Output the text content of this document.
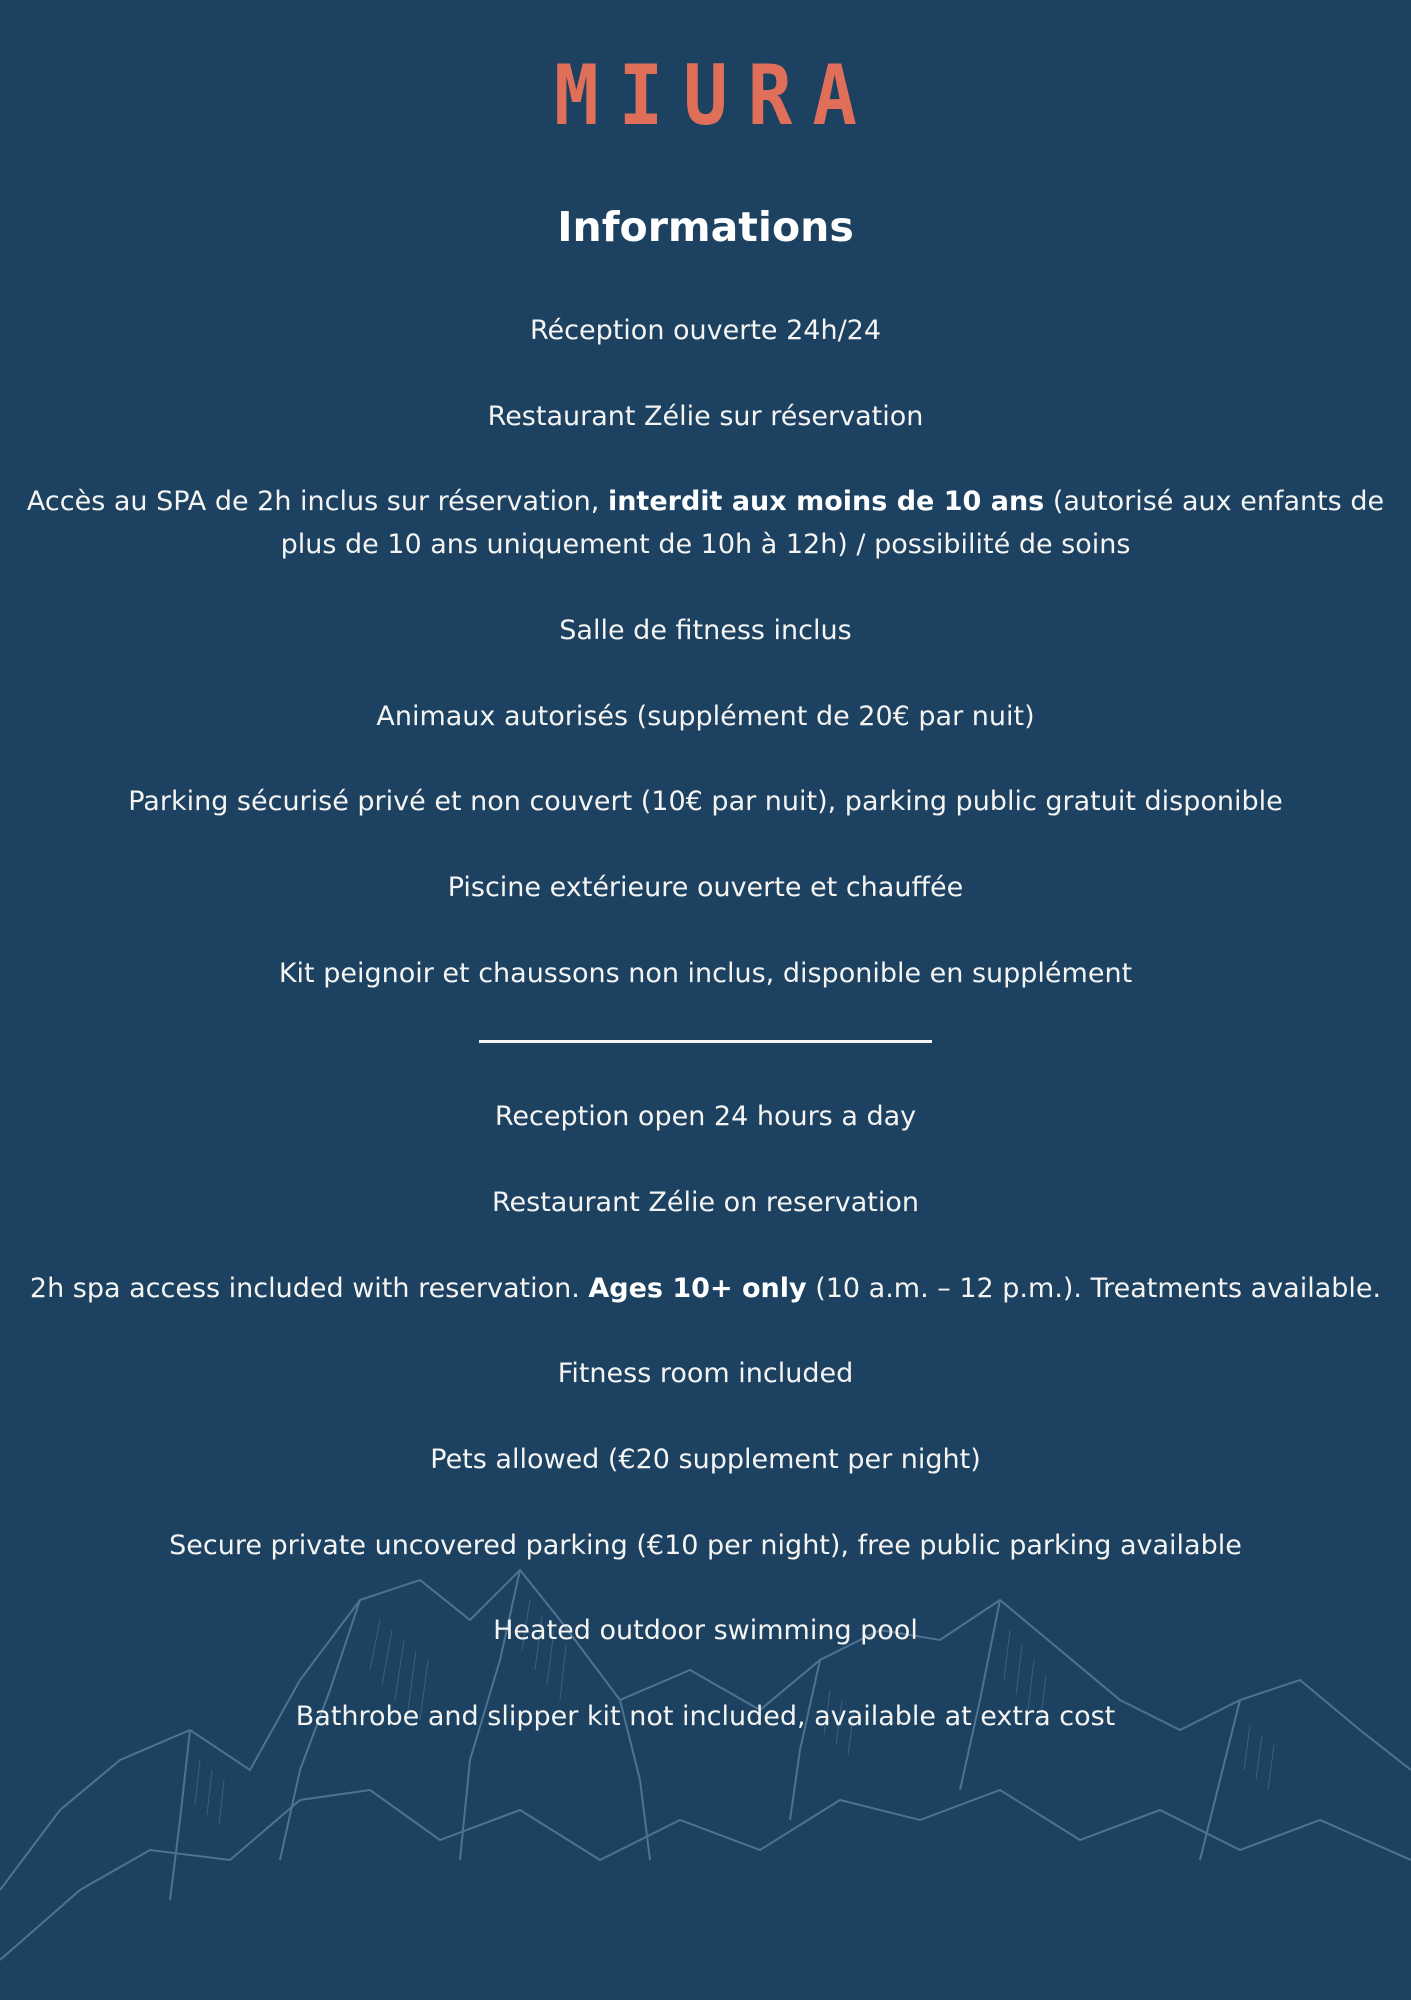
MIURA
Informations
Réception ouverte 24h/24
Restaurant Zélie sur réservation
Accès au SPA de 2h inclus sur réservation, interdit aux moins de 10 ans (autorisé aux enfants de
plus de 10 ans uniquement de 10h à 12h) / possibilité de soins
Salle de fitness inclus
Animaux autorisés (supplément de 20€ par nuit)
Parking sécurisé privé et non couvert (10€ par nuit), parking public gratuit disponible
Piscine extérieure ouverte et chauffée
Kit peignoir et chaussons non inclus, disponible en supplément
Reception open 24 hours a day
Restaurant Zélie on reservation
2h spa access included with reservation. Ages 10+ only (10 a.m. – 12 p.m.). Treatments available.
Fitness room included
Pets allowed (€20 supplement per night)
Secure private uncovered parking (€10 per night), free public parking available
Heated outdoor swimming pool
Bathrobe and slipper kit not included, available at extra cost
